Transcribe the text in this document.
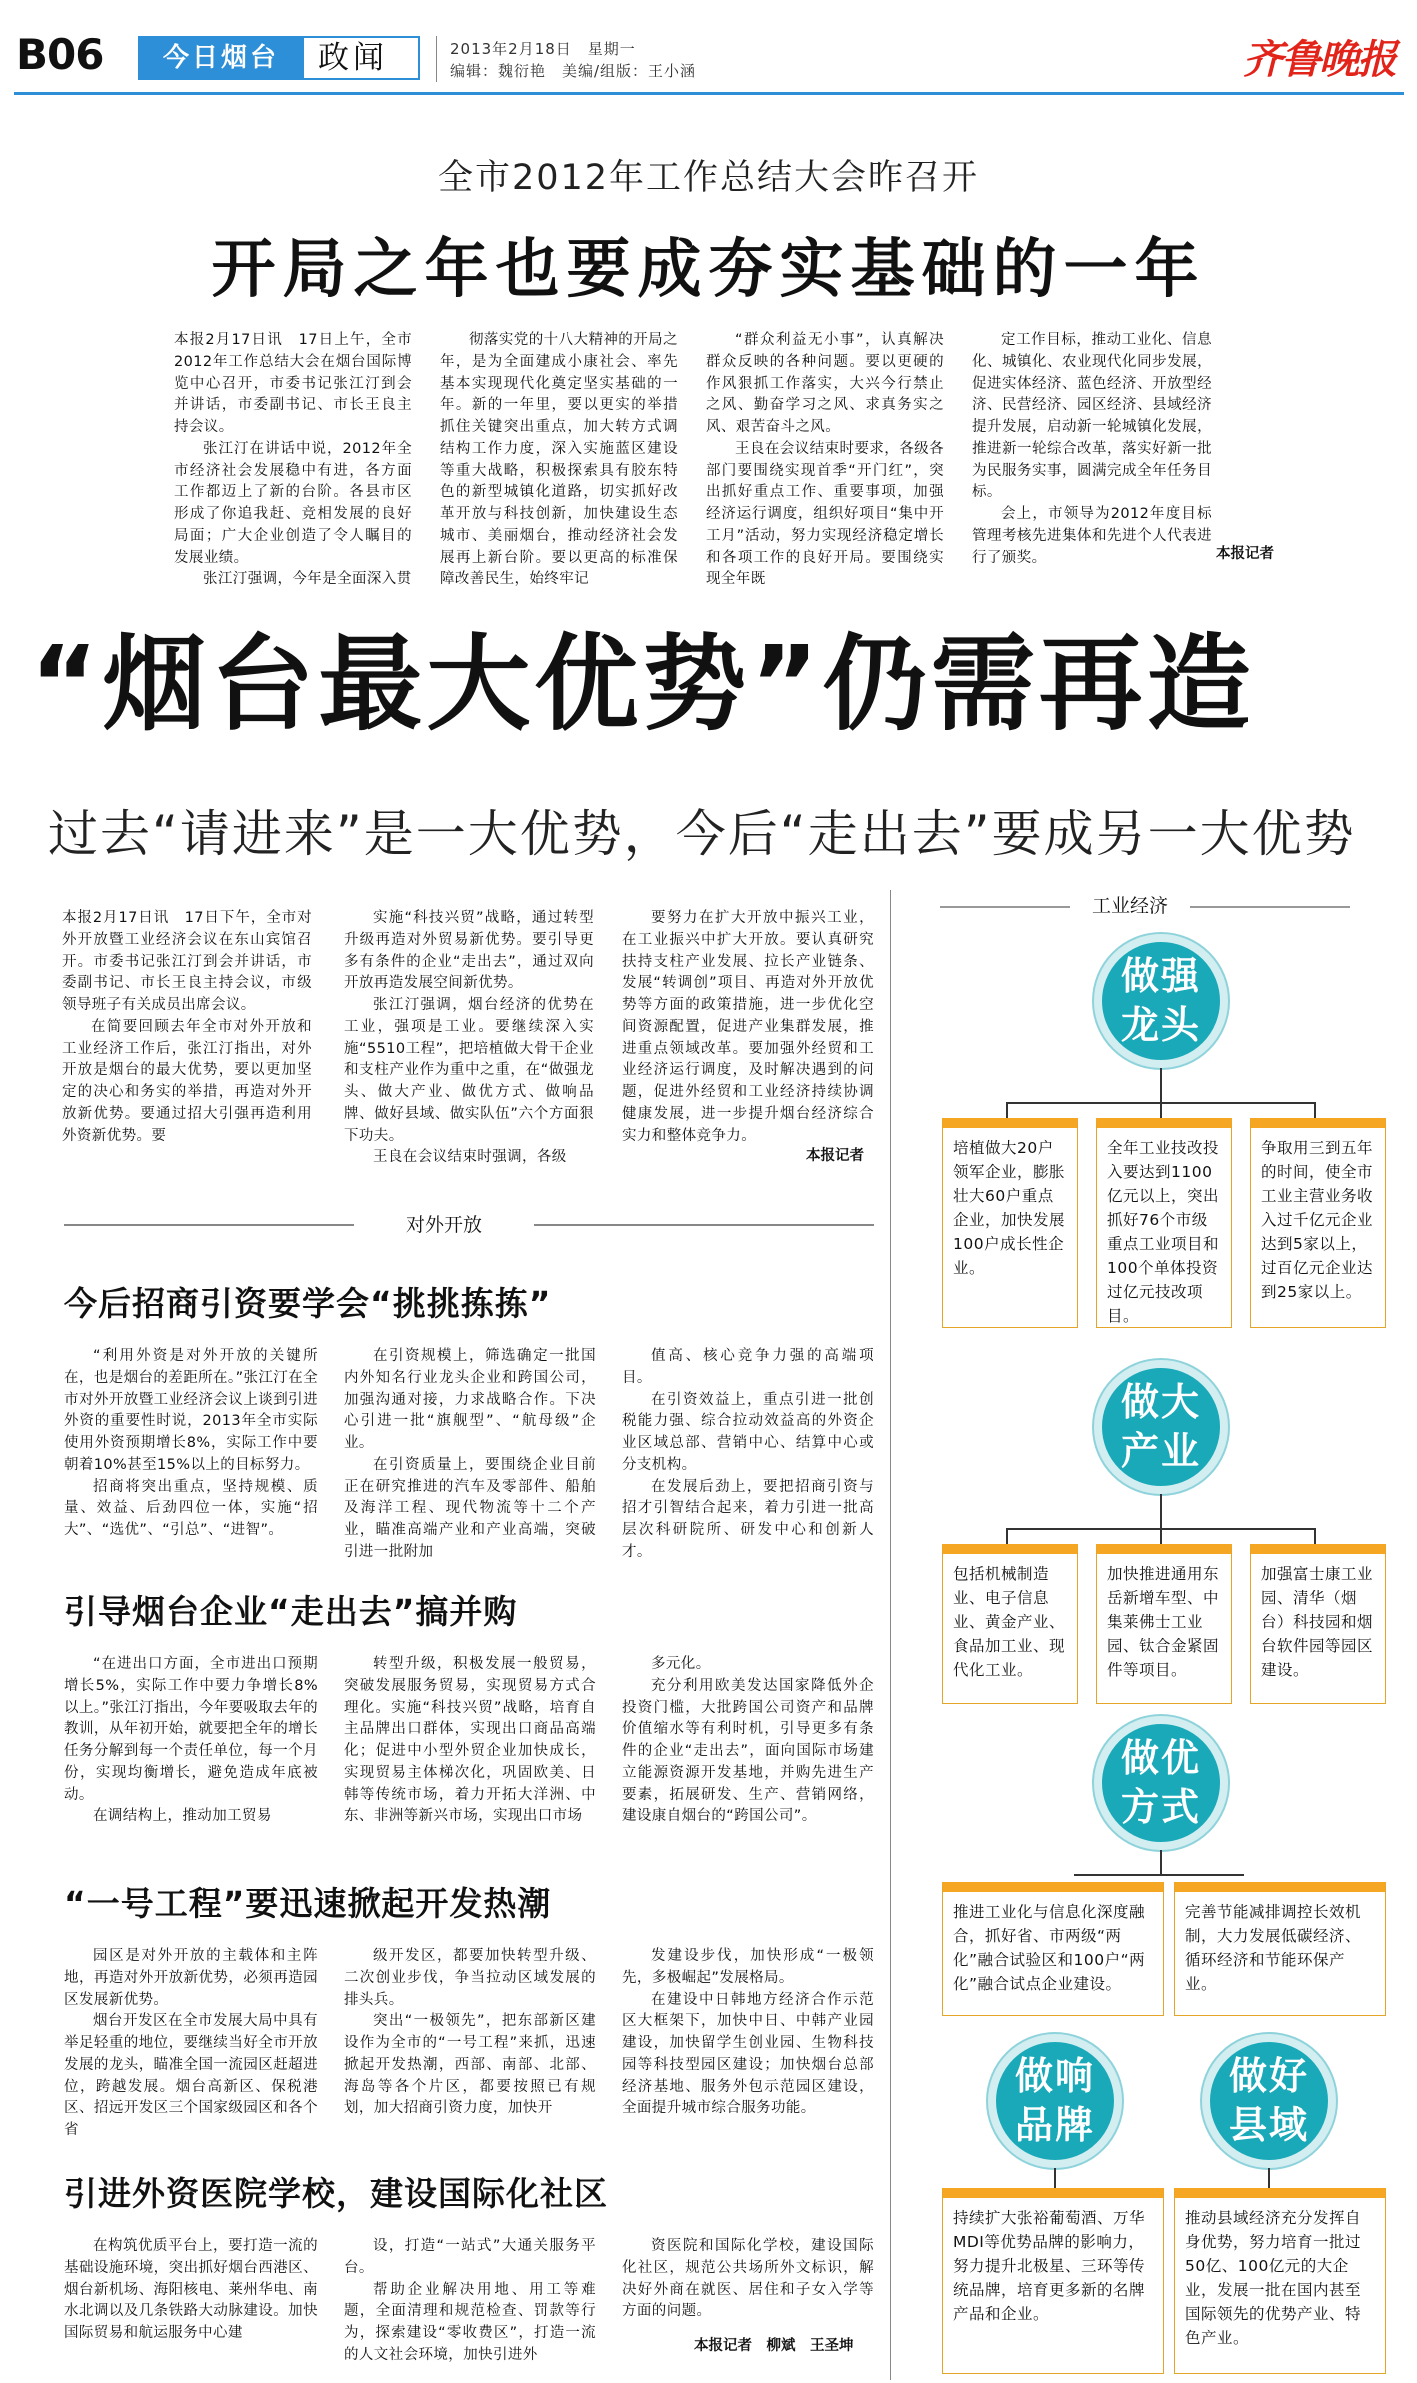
B06	今日烟台	政闻	2013年2月18日　星期一
编辑：魏衍艳　美编/组版：王小涵	齐鲁晚报
全市2012年工作总结大会昨召开
开局之年也要成夯实基础的一年

本报2月17日讯　17日上午，全市2012年工作总结大会在烟台国际博览中心召开，市委书记张江汀到会并讲话，市委副书记、市长王良主持会议。

张江汀在讲话中说，2012年全市经济社会发展稳中有进，各方面工作都迈上了新的台阶。各县市区形成了你追我赶、竞相发展的良好局面；广大企业创造了令人瞩目的发展业绩。

张江汀强调，今年是全面深入贯

彻落实党的十八大精神的开局之年，是为全面建成小康社会、率先基本实现现代化奠定坚实基础的一年。新的一年里，要以更实的举措抓住关键突出重点，加大转方式调结构工作力度，深入实施蓝区建设等重大战略，积极探索具有胶东特色的新型城镇化道路，切实抓好改革开放与科技创新，加快建设生态城市、美丽烟台，推动经济社会发展再上新台阶。要以更高的标准保障改善民生，始终牢记

“群众利益无小事”，认真解决群众反映的各种问题。要以更硬的作风狠抓工作落实，大兴今行禁止之风、勤奋学习之风、求真务实之风、艰苦奋斗之风。

王良在会议结束时要求，各级各部门要围绕实现首季“开门红”，突出抓好重点工作、重要事项，加强经济运行调度，组织好项目“集中开工月”活动，努力实现经济稳定增长和各项工作的良好开局。要围绕实现全年既

定工作目标，推动工业化、信息化、城镇化、农业现代化同步发展，促进实体经济、蓝色经济、开放型经济、民营经济、园区经济、县域经济提升发展，启动新一轮城镇化发展，推进新一轮综合改革，落实好新一批为民服务实事，圆满完成全年任务目标。

会上，市领导为2012年度目标管理考核先进集体和先进个人代表进行了颁奖。	本报记者
“烟台最大优势”仍需再造
过去“请进来”是一大优势，今后“走出去”要成另一大优势

本报2月17日讯　17日下午，全市对外开放暨工业经济会议在东山宾馆召开。市委书记张江汀到会并讲话，市委副书记、市长王良主持会议，市级领导班子有关成员出席会议。

在简要回顾去年全市对外开放和工业经济工作后，张江汀指出，对外开放是烟台的最大优势，要以更加坚定的决心和务实的举措，再造对外开放新优势。要通过招大引强再造利用外资新优势。要

实施“科技兴贸”战略，通过转型升级再造对外贸易新优势。要引导更多有条件的企业“走出去”，通过双向开放再造发展空间新优势。

张江汀强调，烟台经济的优势在工业，强项是工业。要继续深入实施“5510工程”，把培植做大骨干企业和支柱产业作为重中之重，在“做强龙头、做大产业、做优方式、做响品牌、做好县域、做实队伍”六个方面狠下功夫。

王良在会议结束时强调，各级

要努力在扩大开放中振兴工业，在工业振兴中扩大开放。要认真研究扶持支柱产业发展、拉长产业链条、发展“转调创”项目、再造对外开放优势等方面的政策措施，进一步优化空间资源配置，促进产业集群发展，推进重点领域改革。要加强外经贸和工业经济运行调度，及时解决遇到的问题，促进外经贸和工业经济持续协调健康发展，进一步提升烟台经济综合实力和整体竞争力。

本报记者
对外开放
今后招商引资要学会“挑挑拣拣”

“利用外资是对外开放的关键所在，也是烟台的差距所在。”张江汀在全市对外开放暨工业经济会议上谈到引进外资的重要性时说，2013年全市实际使用外资预期增长8%，实际工作中要朝着10%甚至15%以上的目标努力。

招商将突出重点，坚持规模、质量、效益、后劲四位一体，实施“招大”、“选优”、“引总”、“进智”。

在引资规模上，筛选确定一批国内外知名行业龙头企业和跨国公司，加强沟通对接，力求战略合作。下决心引进一批“旗舰型”、“航母级”企业。

在引资质量上，要围绕企业目前正在研究推进的汽车及零部件、船舶及海洋工程、现代物流等十二个产业，瞄准高端产业和产业高端，突破引进一批附加

值高、核心竞争力强的高端项目。

在引资效益上，重点引进一批创税能力强、综合拉动效益高的外资企业区域总部、营销中心、结算中心或分支机构。

在发展后劲上，要把招商引资与招才引智结合起来，着力引进一批高层次科研院所、研发中心和创新人才。

引导烟台企业“走出去”搞并购

“在进出口方面，全市进出口预期增长5%，实际工作中要力争增长8%以上。”张江汀指出，今年要吸取去年的教训，从年初开始，就要把全年的增长任务分解到每一个责任单位，每一个月份，实现均衡增长，避免造成年底被动。

在调结构上，推动加工贸易

转型升级，积极发展一般贸易，突破发展服务贸易，实现贸易方式合理化。实施“科技兴贸”战略，培育自主品牌出口群体，实现出口商品高端化；促进中小型外贸企业加快成长，实现贸易主体梯次化，巩固欧美、日韩等传统市场，着力开拓大洋洲、中东、非洲等新兴市场，实现出口市场

多元化。

充分利用欧美发达国家降低外企投资门槛，大批跨国公司资产和品牌价值缩水等有利时机，引导更多有条件的企业“走出去”，面向国际市场建立能源资源开发基地，并购先进生产要素，拓展研发、生产、营销网络，建设康自烟台的“跨国公司”。

“一号工程”要迅速掀起开发热潮

园区是对外开放的主载体和主阵地，再造对外开放新优势，必须再造园区发展新优势。

烟台开发区在全市发展大局中具有举足轻重的地位，要继续当好全市开放发展的龙头，瞄准全国一流园区赶超进位，跨越发展。烟台高新区、保税港区、招远开发区三个国家级园区和各个省

级开发区，都要加快转型升级、二次创业步伐，争当拉动区域发展的排头兵。

突出“一极领先”，把东部新区建设作为全市的“一号工程”来抓，迅速掀起开发热潮，西部、南部、北部、海岛等各个片区，都要按照已有规划，加大招商引资力度，加快开

发建设步伐，加快形成“一极领先，多极崛起”发展格局。

在建设中日韩地方经济合作示范区大框架下，加快中日、中韩产业园建设，加快留学生创业园、生物科技园等科技型园区建设；加快烟台总部经济基地、服务外包示范园区建设，全面提升城市综合服务功能。

引进外资医院学校，建设国际化社区

在构筑优质平台上，要打造一流的基础设施环境，突出抓好烟台西港区、烟台新机场、海阳核电、莱州华电、南水北调以及几条铁路大动脉建设。加快国际贸易和航运服务中心建

设，打造“一站式”大通关服务平台。

帮助企业解决用地、用工等难题，全面清理和规范检查、罚款等行为，探索建设“零收费区”，打造一流的人文社会环境，加快引进外

资医院和国际化学校，建设国际化社区，规范公共场所外文标识，解决好外商在就医、居住和子女入学等方面的问题。

本报记者　柳斌　王圣坤
工业经济
做强
龙头
培植做大20户领军企业，膨胀壮大60户重点企业，加快发展100户成长性企业。
全年工业技改投入要达到1100亿元以上，突出抓好76个市级重点工业项目和100个单体投资过亿元技改项目。
争取用三到五年的时间，使全市工业主营业务收入过千亿元企业达到5家以上，过百亿元企业达到25家以上。
做大
产业
包括机械制造业、电子信息业、黄金产业、食品加工业、现代化工业。
加快推进通用东岳新增车型、中集莱佛士工业园、钛合金紧固件等项目。
加强富士康工业园、清华（烟台）科技园和烟台软件园等园区建设。
做优
方式
推进工业化与信息化深度融合，抓好省、市两级“两化”融合试验区和100户“两化”融合试点企业建设。
完善节能减排调控长效机制，大力发展低碳经济、循环经济和节能环保产业。
做响
品牌
做好
县域
持续扩大张裕葡萄酒、万华MDI等优势品牌的影响力，努力提升北极星、三环等传统品牌，培育更多新的名牌产品和企业。
推动县域经济充分发挥自身优势，努力培育一批过50亿、100亿元的大企业，发展一批在国内甚至国际领先的优势产业、特色产业。
